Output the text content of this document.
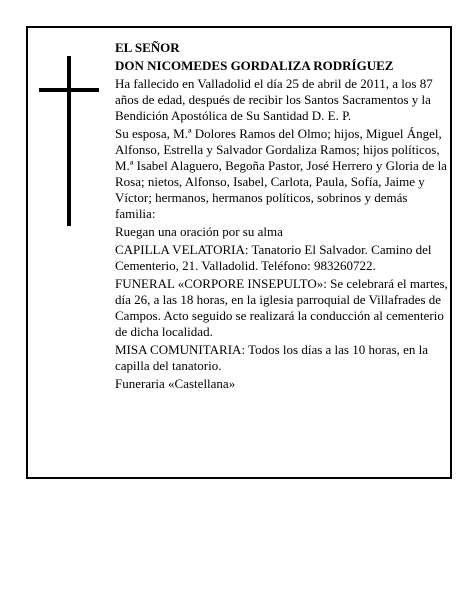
EL SEÑOR

DON NICOMEDES GORDALIZA RODRÍGUEZ

Ha fallecido en Valladolid el día 25 de abril de 2011, a los 87 años de edad, después de recibir los Santos Sacramentos y la Bendición Apostólica de Su Santidad D. E. P.

Su esposa, M.ª Dolores Ramos del Olmo; hijos, Miguel Ángel, Alfonso, Estrella y Salvador Gordaliza Ramos; hijos políticos, M.ª Isabel Alaguero, Begoña Pastor, José Herrero y Gloria de la Rosa; nietos, Alfonso, Isabel, Carlota, Paula, Sofía, Jaime y Víctor; hermanos, hermanos políticos, sobrinos y demás familia:

Ruegan una oración por su alma

CAPILLA VELATORIA: Tanatorio El Salvador. Camino del Cementerio, 21. Valladolid. Teléfono: 983260722.

FUNERAL «CORPORE INSEPULTO»: Se celebrará el martes, día 26, a las 18 horas, en la iglesia parroquial de Villafrades de Campos. Acto seguido se realizará la conducción al cementerio de dicha localidad.

MISA COMUNITARIA: Todos los días a las 10 horas, en la capilla del tanatorio.

Funeraria «Castellana»
